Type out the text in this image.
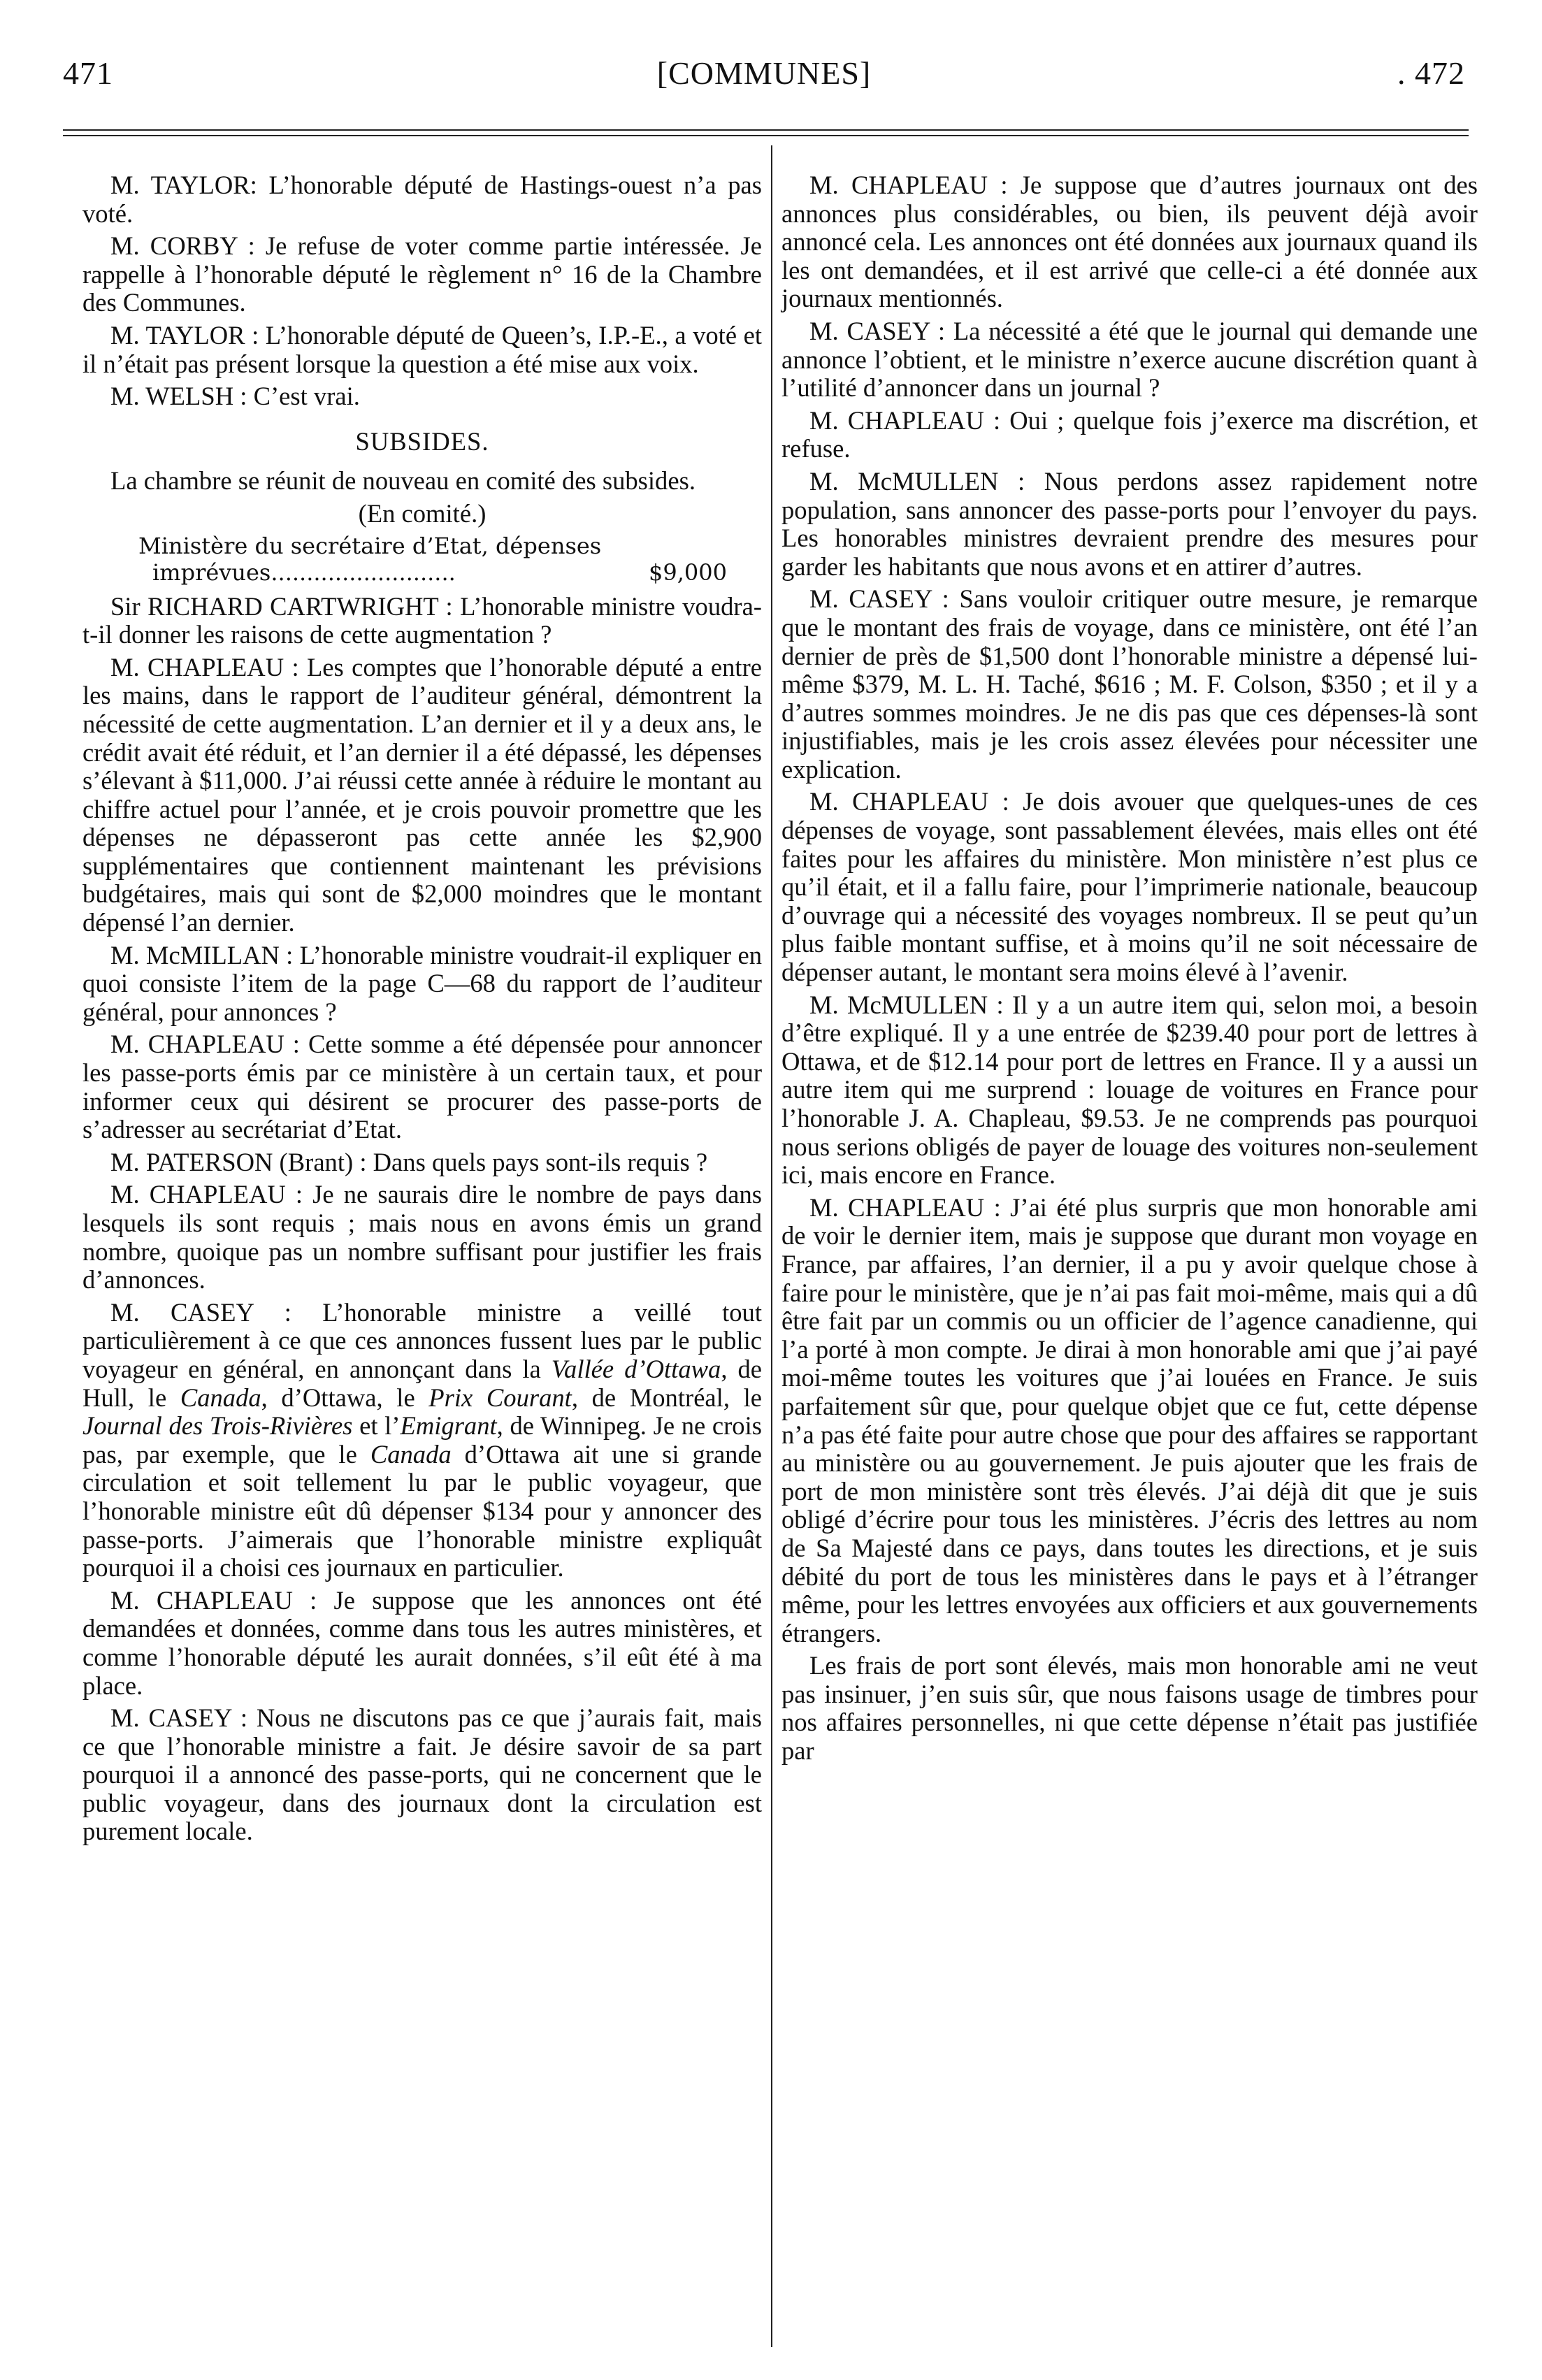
471	[COMMUNES]	. 472

M. TAYLOR: L’honorable député de Hastings-ouest n’a pas voté.

M. CORBY : Je refuse de voter comme partie intéressée. Je rappelle à l’honorable député le règlement n° 16 de la Chambre des Communes.

M. TAYLOR : L’honorable député de Queen’s, I.P.-E., a voté et il n’était pas présent lorsque la question a été mise aux voix.

M. WELSH : C’est vrai.

SUBSIDES.

La chambre se réunit de nouveau en comité des subsides.

(En comité.)

Ministère du secrétaire d’Etat, dépenses
imprévues..........................	$9,000

Sir RICHARD CARTWRIGHT : L’honorable ministre voudra-t-il donner les raisons de cette augmentation ?

M. CHAPLEAU : Les comptes que l’honorable député a entre les mains, dans le rapport de l’auditeur général, démontrent la nécessité de cette augmentation. L’an dernier et il y a deux ans, le crédit avait été réduit, et l’an dernier il a été dépassé, les dépenses s’élevant à $11,000. J’ai réussi cette année à réduire le montant au chiffre actuel pour l’année, et je crois pouvoir promettre que les dépenses ne dépasseront pas cette année les $2,900 supplémentaires que contiennent maintenant les prévisions budgétaires, mais qui sont de $2,000 moindres que le montant dépensé l’an dernier.

M. McMILLAN : L’honorable ministre voudrait-il expliquer en quoi consiste l’item de la page C—68 du rapport de l’auditeur général, pour annonces ?

M. CHAPLEAU : Cette somme a été dépensée pour annoncer les passe-ports émis par ce ministère à un certain taux, et pour informer ceux qui désirent se procurer des passe-ports de s’adresser au secrétariat d’Etat.

M. PATERSON (Brant) : Dans quels pays sont-ils requis ?

M. CHAPLEAU : Je ne saurais dire le nombre de pays dans lesquels ils sont requis ; mais nous en avons émis un grand nombre, quoique pas un nombre suffisant pour justifier les frais d’annonces.

M. CASEY : L’honorable ministre a veillé tout particulièrement à ce que ces annonces fussent lues par le public voyageur en général, en annonçant dans la Vallée d’Ottawa, de Hull, le Canada, d’Ottawa, le Prix Courant, de Montréal, le Journal des Trois-Rivières et l’Emigrant, de Winnipeg. Je ne crois pas, par exemple, que le Canada d’Ottawa ait une si grande circulation et soit tellement lu par le public voyageur, que l’honorable ministre eût dû dépenser $134 pour y annoncer des passe-ports. J’aimerais que l’honorable ministre expliquât pourquoi il a choisi ces journaux en particulier.

M. CHAPLEAU : Je suppose que les annonces ont été demandées et données, comme dans tous les autres ministères, et comme l’honorable député les aurait données, s’il eût été à ma place.

M. CASEY : Nous ne discutons pas ce que j’aurais fait, mais ce que l’honorable ministre a fait. Je désire savoir de sa part pourquoi il a annoncé des passe-ports, qui ne concernent que le public voyageur, dans des journaux dont la circulation est purement locale.

M. CHAPLEAU : Je suppose que d’autres journaux ont des annonces plus considérables, ou bien, ils peuvent déjà avoir annoncé cela. Les annonces ont été données aux journaux quand ils les ont demandées, et il est arrivé que celle-ci a été donnée aux journaux mentionnés.

M. CASEY : La nécessité a été que le journal qui demande une annonce l’obtient, et le ministre n’exerce aucune discrétion quant à l’utilité d’annoncer dans un journal ?

M. CHAPLEAU : Oui ; quelque fois j’exerce ma discrétion, et refuse.

M. McMULLEN : Nous perdons assez rapidement notre population, sans annoncer des passe-ports pour l’envoyer du pays. Les honorables ministres devraient prendre des mesures pour garder les habitants que nous avons et en attirer d’autres.

M. CASEY : Sans vouloir critiquer outre mesure, je remarque que le montant des frais de voyage, dans ce ministère, ont été l’an dernier de près de $1,500 dont l’honorable ministre a dépensé lui-même $379, M. L. H. Taché, $616 ; M. F. Colson, $350 ; et il y a d’autres sommes moindres. Je ne dis pas que ces dépenses-là sont injustifiables, mais je les crois assez élevées pour nécessiter une explication.

M. CHAPLEAU : Je dois avouer que quelques-unes de ces dépenses de voyage, sont passablement élevées, mais elles ont été faites pour les affaires du ministère. Mon ministère n’est plus ce qu’il était, et il a fallu faire, pour l’imprimerie nationale, beaucoup d’ouvrage qui a nécessité des voyages nombreux. Il se peut qu’un plus faible montant suffise, et à moins qu’il ne soit nécessaire de dépenser autant, le montant sera moins élevé à l’avenir.

M. McMULLEN : Il y a un autre item qui, selon moi, a besoin d’être expliqué. Il y a une entrée de $239.40 pour port de lettres à Ottawa, et de $12.14 pour port de lettres en France. Il y a aussi un autre item qui me surprend : louage de voitures en France pour l’honorable J. A. Chapleau, $9.53. Je ne comprends pas pourquoi nous serions obligés de payer de louage des voitures non-seulement ici, mais encore en France.

M. CHAPLEAU : J’ai été plus surpris que mon honorable ami de voir le dernier item, mais je suppose que durant mon voyage en France, par affaires, l’an dernier, il a pu y avoir quelque chose à faire pour le ministère, que je n’ai pas fait moi-même, mais qui a dû être fait par un commis ou un officier de l’agence canadienne, qui l’a porté à mon compte. Je dirai à mon honorable ami que j’ai payé moi-même toutes les voitures que j’ai louées en France. Je suis parfaitement sûr que, pour quelque objet que ce fut, cette dépense n’a pas été faite pour autre chose que pour des affaires se rapportant au ministère ou au gouvernement. Je puis ajouter que les frais de port de mon ministère sont très élevés. J’ai déjà dit que je suis obligé d’écrire pour tous les ministères. J’écris des lettres au nom de Sa Majesté dans ce pays, dans toutes les directions, et je suis débité du port de tous les ministères dans le pays et à l’étranger même, pour les lettres envoyées aux officiers et aux gouvernements étrangers.

Les frais de port sont élevés, mais mon honorable ami ne veut pas insinuer, j’en suis sûr, que nous faisons usage de timbres pour nos affaires personnelles, ni que cette dépense n’était pas justifiée par
